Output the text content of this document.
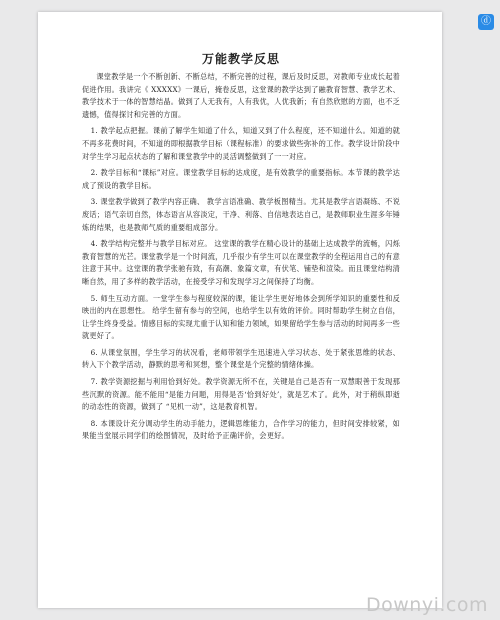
万能教学反思

课堂教学是一个不断创新、不断总结，不断完善的过程，课后及时反思，对教师专业成长起着促进作用。我讲完《 XXXXX》一课后，掩卷反思，这堂课的教学达到了融教育智慧、教学艺术、教学技术于一体的智慧结晶。做到了人无我有，人有我优，人优我新；有自然欣慰的方面，也不乏遗憾，值得探讨和完善的方面。

1. 教学起点把握。课前了解学生知道了什么，知道又到了什么程度，还不知道什么。知道的就不再多花费时间，不知道的即根据教学目标（课程标准）的要求做些弥补的工作。教学设计阶段中对学生学习起点状态的了解和课堂教学中的灵活调整做到了一一对应。

2. 教学目标和“课标”对应。课堂教学目标的达成度，是有效教学的重要指标。本节课的教学达成了预设的教学目标。

3. 课堂教学做到了教学内容正确、 教学言语准确、教学板图精当。尤其是教学言语凝练、不说废话；语气亲切自然，体态语言从容淡定，干净、利落、自信地表达自己，是教师职业生涯多年锤炼的结果，也是教师气质的重要组成部分。

4. 教学结构完整并与教学目标对应。 这堂课的教学在精心设计的基础上达成教学的流畅，闪烁教育智慧的光芒。课堂教学是一个时间流，几乎很少有学生可以在课堂教学的全程运用自己的有意注意于其中。这堂课的教学张驰有致，有高潮、象篇文章，有伏笔、铺垫和渲染。而且课堂结构清晰自然，用了多样的教学活动，在接受学习和发现学习之间保持了均衡。

5. 师生互动方面。一堂学生参与程度较深的课，能让学生更好地体会到所学知识的重要性和反映出的内在思想性。 给学生留有参与的空间，也给学生以有效的评价。同时帮助学生树立自信，让学生终身受益。情感目标的实现尤重于认知和能力领域，如果留给学生参与活动的时间再多一些就更好了。

6. 从课堂氛围，学生学习的状况看，老师带领学生迅速进入学习状态、处于紧张思维的状态、转入下个教学活动，静默的思考和冥想，整个课堂是个完整的情绪体操。

7. 教学资源挖掘与利用恰到好处。教学资源无所不在，关键是自己是否有一双慧眼善于发现那些沉默的资源。能不能用“是能力问题，用得是否‘恰到好处’，就是艺术了。此外，对于稍纵即逝的动态性的资源，做到了 “见机一动”，这是教育机智。

8. 本课设计充分调动学生的动手能力，逻辑思维能力，合作学习的能力，但时间安排较紧，如果能当堂展示同学们的绘图情况，及时给予正确评价，会更好。

ⓓ
Downyi.com
